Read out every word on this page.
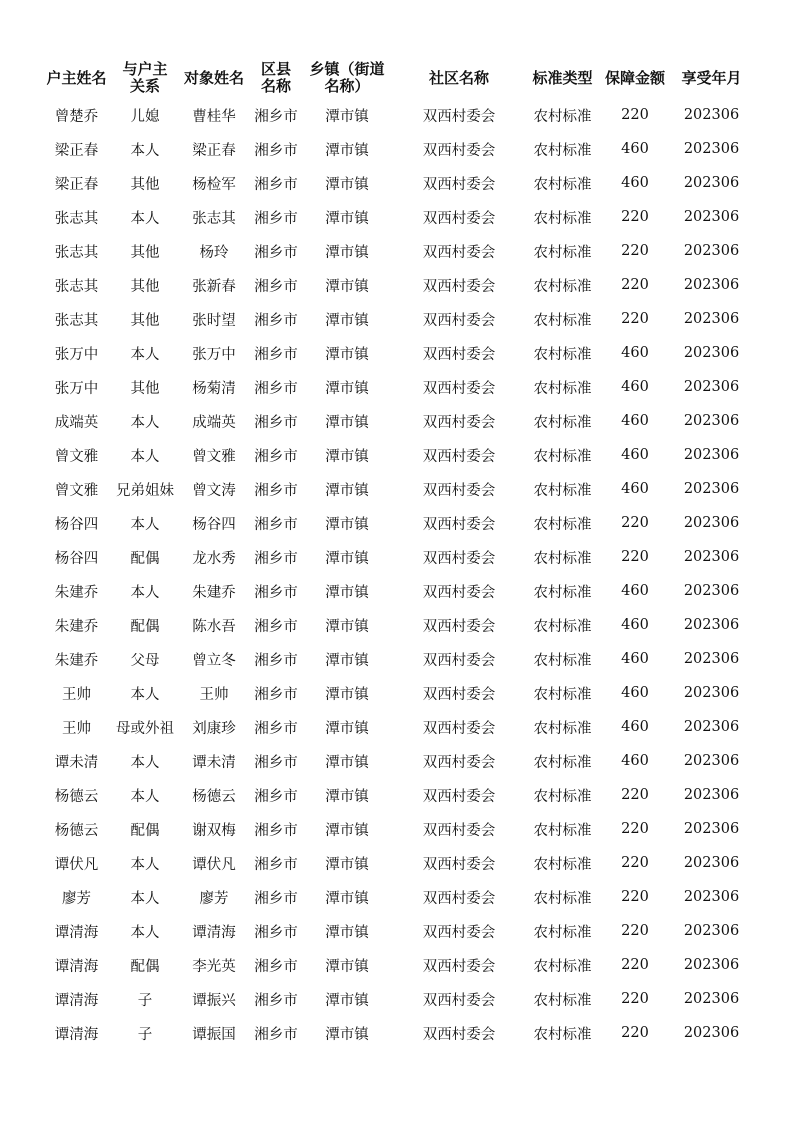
户主姓名	与户主关系	对象姓名	区县名称	乡镇（街道名称）	社区名称	标准类型	保障金额	享受年月
曾楚乔	儿媳	曹桂华	湘乡市	潭市镇	双西村委会	农村标准	220	202306
梁正春	本人	梁正春	湘乡市	潭市镇	双西村委会	农村标准	460	202306
梁正春	其他	杨检军	湘乡市	潭市镇	双西村委会	农村标准	460	202306
张志其	本人	张志其	湘乡市	潭市镇	双西村委会	农村标准	220	202306
张志其	其他	杨玲	湘乡市	潭市镇	双西村委会	农村标准	220	202306
张志其	其他	张新春	湘乡市	潭市镇	双西村委会	农村标准	220	202306
张志其	其他	张时望	湘乡市	潭市镇	双西村委会	农村标准	220	202306
张万中	本人	张万中	湘乡市	潭市镇	双西村委会	农村标准	460	202306
张万中	其他	杨菊清	湘乡市	潭市镇	双西村委会	农村标准	460	202306
成端英	本人	成端英	湘乡市	潭市镇	双西村委会	农村标准	460	202306
曾文雅	本人	曾文雅	湘乡市	潭市镇	双西村委会	农村标准	460	202306
曾文雅	兄弟姐妹	曾文涛	湘乡市	潭市镇	双西村委会	农村标准	460	202306
杨谷四	本人	杨谷四	湘乡市	潭市镇	双西村委会	农村标准	220	202306
杨谷四	配偶	龙水秀	湘乡市	潭市镇	双西村委会	农村标准	220	202306
朱建乔	本人	朱建乔	湘乡市	潭市镇	双西村委会	农村标准	460	202306
朱建乔	配偶	陈水吾	湘乡市	潭市镇	双西村委会	农村标准	460	202306
朱建乔	父母	曾立冬	湘乡市	潭市镇	双西村委会	农村标准	460	202306
王帅	本人	王帅	湘乡市	潭市镇	双西村委会	农村标准	460	202306
王帅	母或外祖	刘康珍	湘乡市	潭市镇	双西村委会	农村标准	460	202306
谭未清	本人	谭未清	湘乡市	潭市镇	双西村委会	农村标准	460	202306
杨德云	本人	杨德云	湘乡市	潭市镇	双西村委会	农村标准	220	202306
杨德云	配偶	谢双梅	湘乡市	潭市镇	双西村委会	农村标准	220	202306
谭伏凡	本人	谭伏凡	湘乡市	潭市镇	双西村委会	农村标准	220	202306
廖芳	本人	廖芳	湘乡市	潭市镇	双西村委会	农村标准	220	202306
谭清海	本人	谭清海	湘乡市	潭市镇	双西村委会	农村标准	220	202306
谭清海	配偶	李光英	湘乡市	潭市镇	双西村委会	农村标准	220	202306
谭清海	子	谭振兴	湘乡市	潭市镇	双西村委会	农村标准	220	202306
谭清海	子	谭振国	湘乡市	潭市镇	双西村委会	农村标准	220	202306
